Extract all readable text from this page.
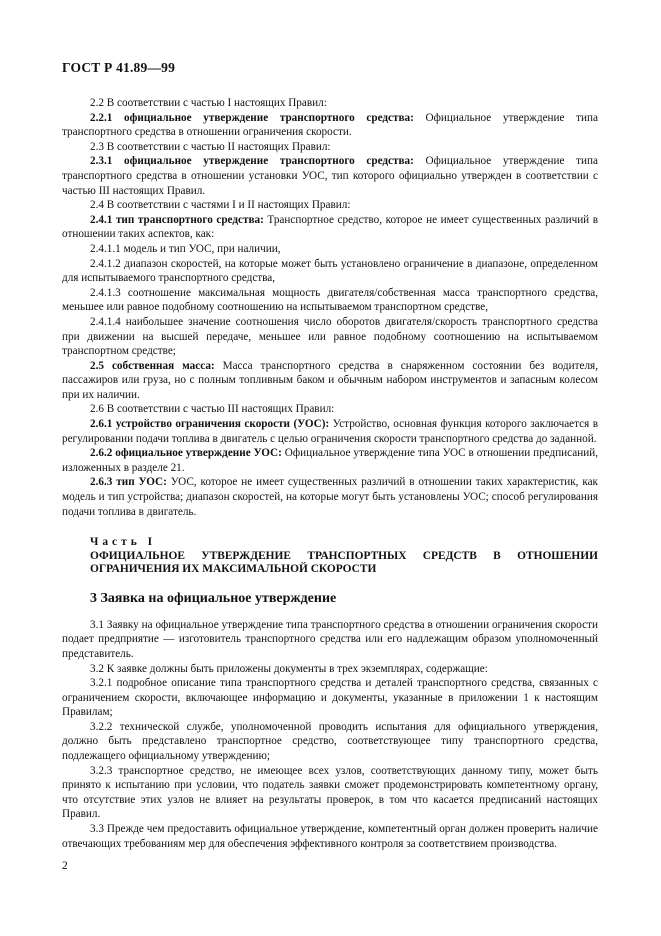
ГОСТ Р 41.89—99

2.2 В соответствии с частью I настоящих Правил:

2.2.1 официальное утверждение транспортного средства: Официальное утверждение типа транспортного средства в отношении ограничения скорости.

2.3 В соответствии с частью II настоящих Правил:

2.3.1 официальное утверждение транспортного средства: Официальное утверждение типа транспортного средства в отношении установки УОС, тип которого официально утвержден в соответствии с частью III настоящих Правил.

2.4 В соответствии с частями I и II настоящих Правил:

2.4.1 тип транспортного средства: Транспортное средство, которое не имеет существенных различий в отношении таких аспектов, как:

2.4.1.1 модель и тип УОС, при наличии,

2.4.1.2 диапазон скоростей, на которые может быть установлено ограничение в диапазоне, определенном для испытываемого транспортного средства,

2.4.1.3 соотношение максимальная мощность двигателя/собственная масса транспортного средства, меньшее или равное подобному соотношению на испытываемом транспортном средстве,

2.4.1.4 наибольшее значение соотношения число оборотов двигателя/скорость транспортного средства при движении на высшей передаче, меньшее или равное подобному соотношению на испытываемом транспортном средстве;

2.5 собственная масса: Масса транспортного средства в снаряженном состоянии без водителя, пассажиров или груза, но с полным топливным баком и обычным набором инструментов и запасным колесом при их наличии.

2.6 В соответствии с частью III настоящих Правил:

2.6.1 устройство ограничения скорости (УОС): Устройство, основная функция которого заключается в регулировании подачи топлива в двигатель с целью ограничения скорости транспортного средства до заданной.

2.6.2 официальное утверждение УОС: Официальное утверждение типа УОС в отношении предписаний, изложенных в разделе 21.

2.6.3 тип УОС: УОС, которое не имеет существенных различий в отношении таких характеристик, как модель и тип устройства; диапазон скоростей, на которые могут быть установлены УОС; способ регулирования подачи топлива в двигатель.

Часть I
ОФИЦИАЛЬНОЕ УТВЕРЖДЕНИЕ ТРАНСПОРТНЫХ СРЕДСТВ В ОТНОШЕНИИ ОГРАНИЧЕНИЯ ИХ МАКСИМАЛЬНОЙ СКОРОСТИ
3 Заявка на официальное утверждение

3.1 Заявку на официальное утверждение типа транспортного средства в отношении ограничения скорости подает предприятие — изготовитель транспортного средства или его надлежащим образом уполномоченный представитель.

3.2 К заявке должны быть приложены документы в трех экземплярах, содержащие:

3.2.1 подробное описание типа транспортного средства и деталей транспортного средства, связанных с ограничением скорости, включающее информацию и документы, указанные в приложении 1 к настоящим Правилам;

3.2.2 технической службе, уполномоченной проводить испытания для официального утверждения, должно быть представлено транспортное средство, соответствующее типу транспортного средства, подлежащего официальному утверждению;

3.2.3 транспортное средство, не имеющее всех узлов, соответствующих данному типу, может быть принято к испытанию при условии, что податель заявки сможет продемонстрировать компетентному органу, что отсутствие этих узлов не влияет на результаты проверок, в том что касается предписаний настоящих Правил.

3.3 Прежде чем предоставить официальное утверждение, компетентный орган должен проверить наличие отвечающих требованиям мер для обеспечения эффективного контроля за соответствием производства.

2
